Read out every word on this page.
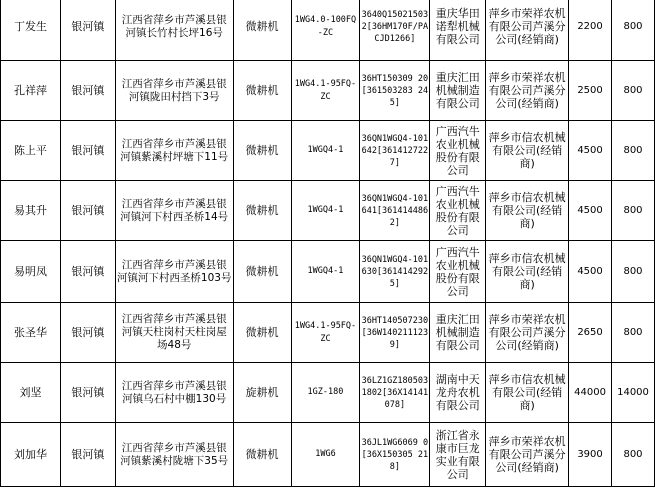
丁发生	银河镇	江西省萍乡市芦溪县银河镇长竹村长坪16号	微耕机	1WG4.0-100FQ-ZC	3640Q150215032[36HM170F/PACJD1266]	重庆华田诺犁机械有限公司	萍乡市荣祥农机有限公司芦溪分公司(经销商)	2200	800
孔祥萍	银河镇	江西省萍乡市芦溪县银河镇陇田村挡下3号	微耕机	1WG4.1-95FQ-ZC	36HT150309 20[361503283 245]	重庆汇田机械制造有限公司	萍乡市荣祥农机有限公司芦溪分公司(经销商)	2500	800
陈上平	银河镇	江西省萍乡市芦溪县银河镇紫溪村坪塘下11号	微耕机	1WGQ4-1	36QN1WGQ4-101642[3614127227]	广西汽牛农业机械股份有限公司	萍乡市信农机械有限公司(经销商)	4500	800
易其升	银河镇	江西省萍乡市芦溪县银河镇河下村西圣桥14号	微耕机	1WGQ4-1	36QN1WGQ4-101641[3614144862]	广西汽牛农业机械股份有限公司	萍乡市信农机械有限公司(经销商)	4500	800
易明凤	银河镇	江西省萍乡市芦溪县银河镇河下村西圣桥103号	微耕机	1WGQ4-1	36QN1WGQ4-101630[3614142925]	广西汽牛农业机械股份有限公司	萍乡市信农机械有限公司(经销商)	4500	800
张圣华	银河镇	江西省萍乡市芦溪县银河镇天柱岗村天柱岗屋场48号	微耕机	1WG4.1-95FQ-ZC	36HT140507230[36W1402111239]	重庆汇田机械制造有限公司	萍乡市荣祥农机有限公司芦溪分公司(经销商)	2650	800
刘坚	银河镇	江西省萍乡市芦溪县银河镇乌石村中棚130号	旋耕机	1GZ-180	36LZ1GZ1805031802[36X14141078]	湖南中天龙舟农机有限公司	萍乡市信农机械有限公司(经销商)	44000	14000
刘加华	银河镇	江西省萍乡市芦溪县银河镇紫溪村陇塘下35号	微耕机	1WG6	36JL1WG6069 0[36X150305 218]	浙江省永康市巨龙实业有限公司	萍乡市荣祥农机有限公司芦溪分公司(经销商)	3900	800
